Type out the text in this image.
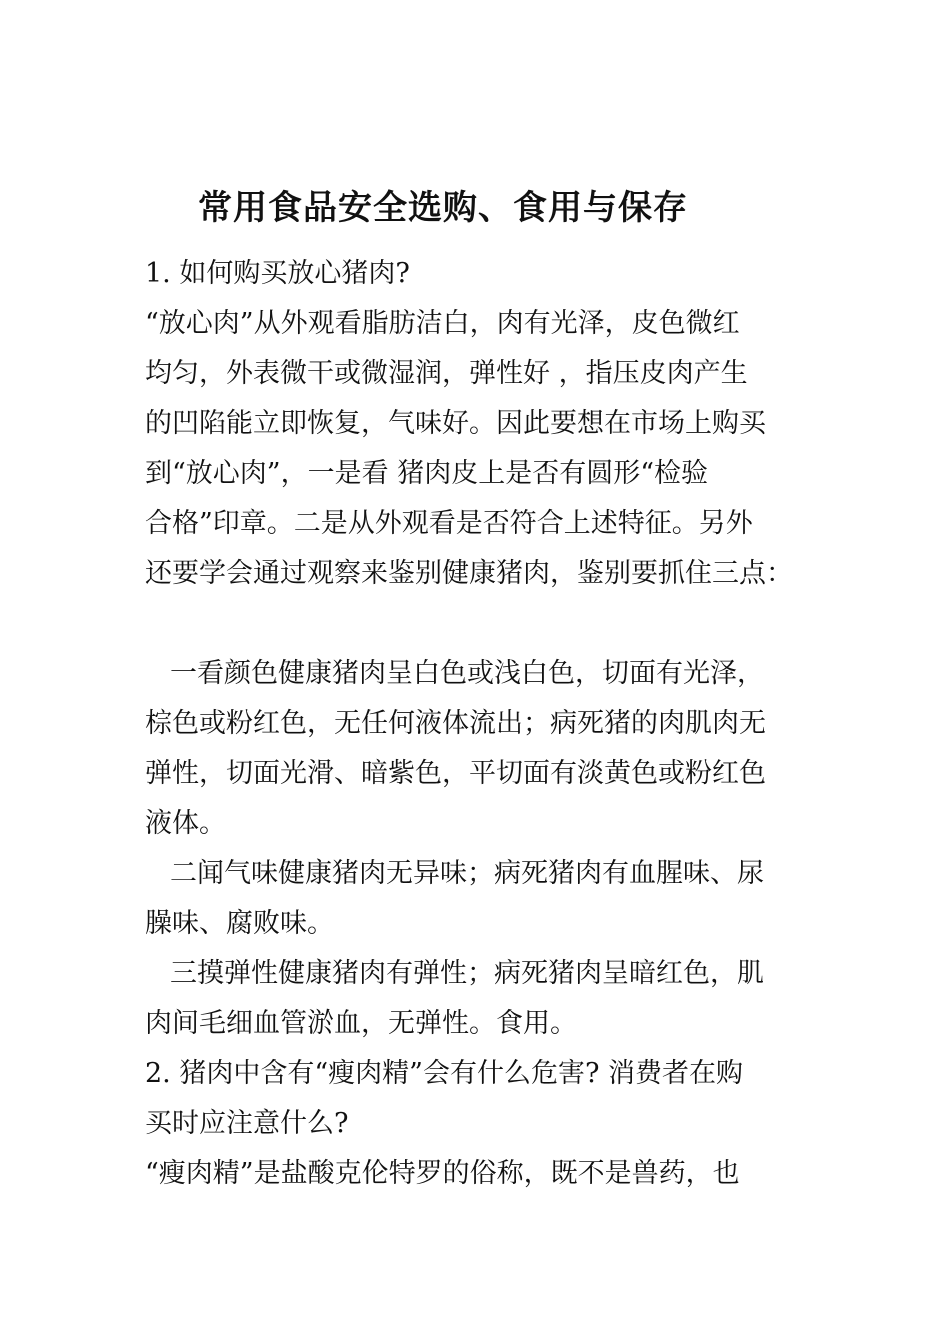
常用食品安全选购、食用与保存

1. 如何购买放心猪肉?

“放心肉”从外观看脂肪洁白，肉有光泽，皮色微红

均匀，外表微干或微湿润，弹性好 ，指压皮肉产生

的凹陷能立即恢复，气味好。因此要想在市场上购买

到“放心肉”，一是看 猪肉皮上是否有圆形“检验

合格”印章。二是从外观看是否符合上述特征。另外

还要学会通过观察来鉴别健康猪肉，鉴别要抓住三点：

一看颜色健康猪肉呈白色或浅白色，切面有光泽，

棕色或粉红色，无任何液体流出；病死猪的肉肌肉无

弹性，切面光滑、暗紫色，平切面有淡黄色或粉红色

液体。

二闻气味健康猪肉无异味；病死猪肉有血腥味、尿

臊味、腐败味。

三摸弹性健康猪肉有弹性；病死猪肉呈暗红色，肌

肉间毛细血管淤血，无弹性。食用。

2. 猪肉中含有“瘦肉精”会有什么危害? 消费者在购

买时应注意什么?

“瘦肉精”是盐酸克伦特罗的俗称，既不是兽药，也
